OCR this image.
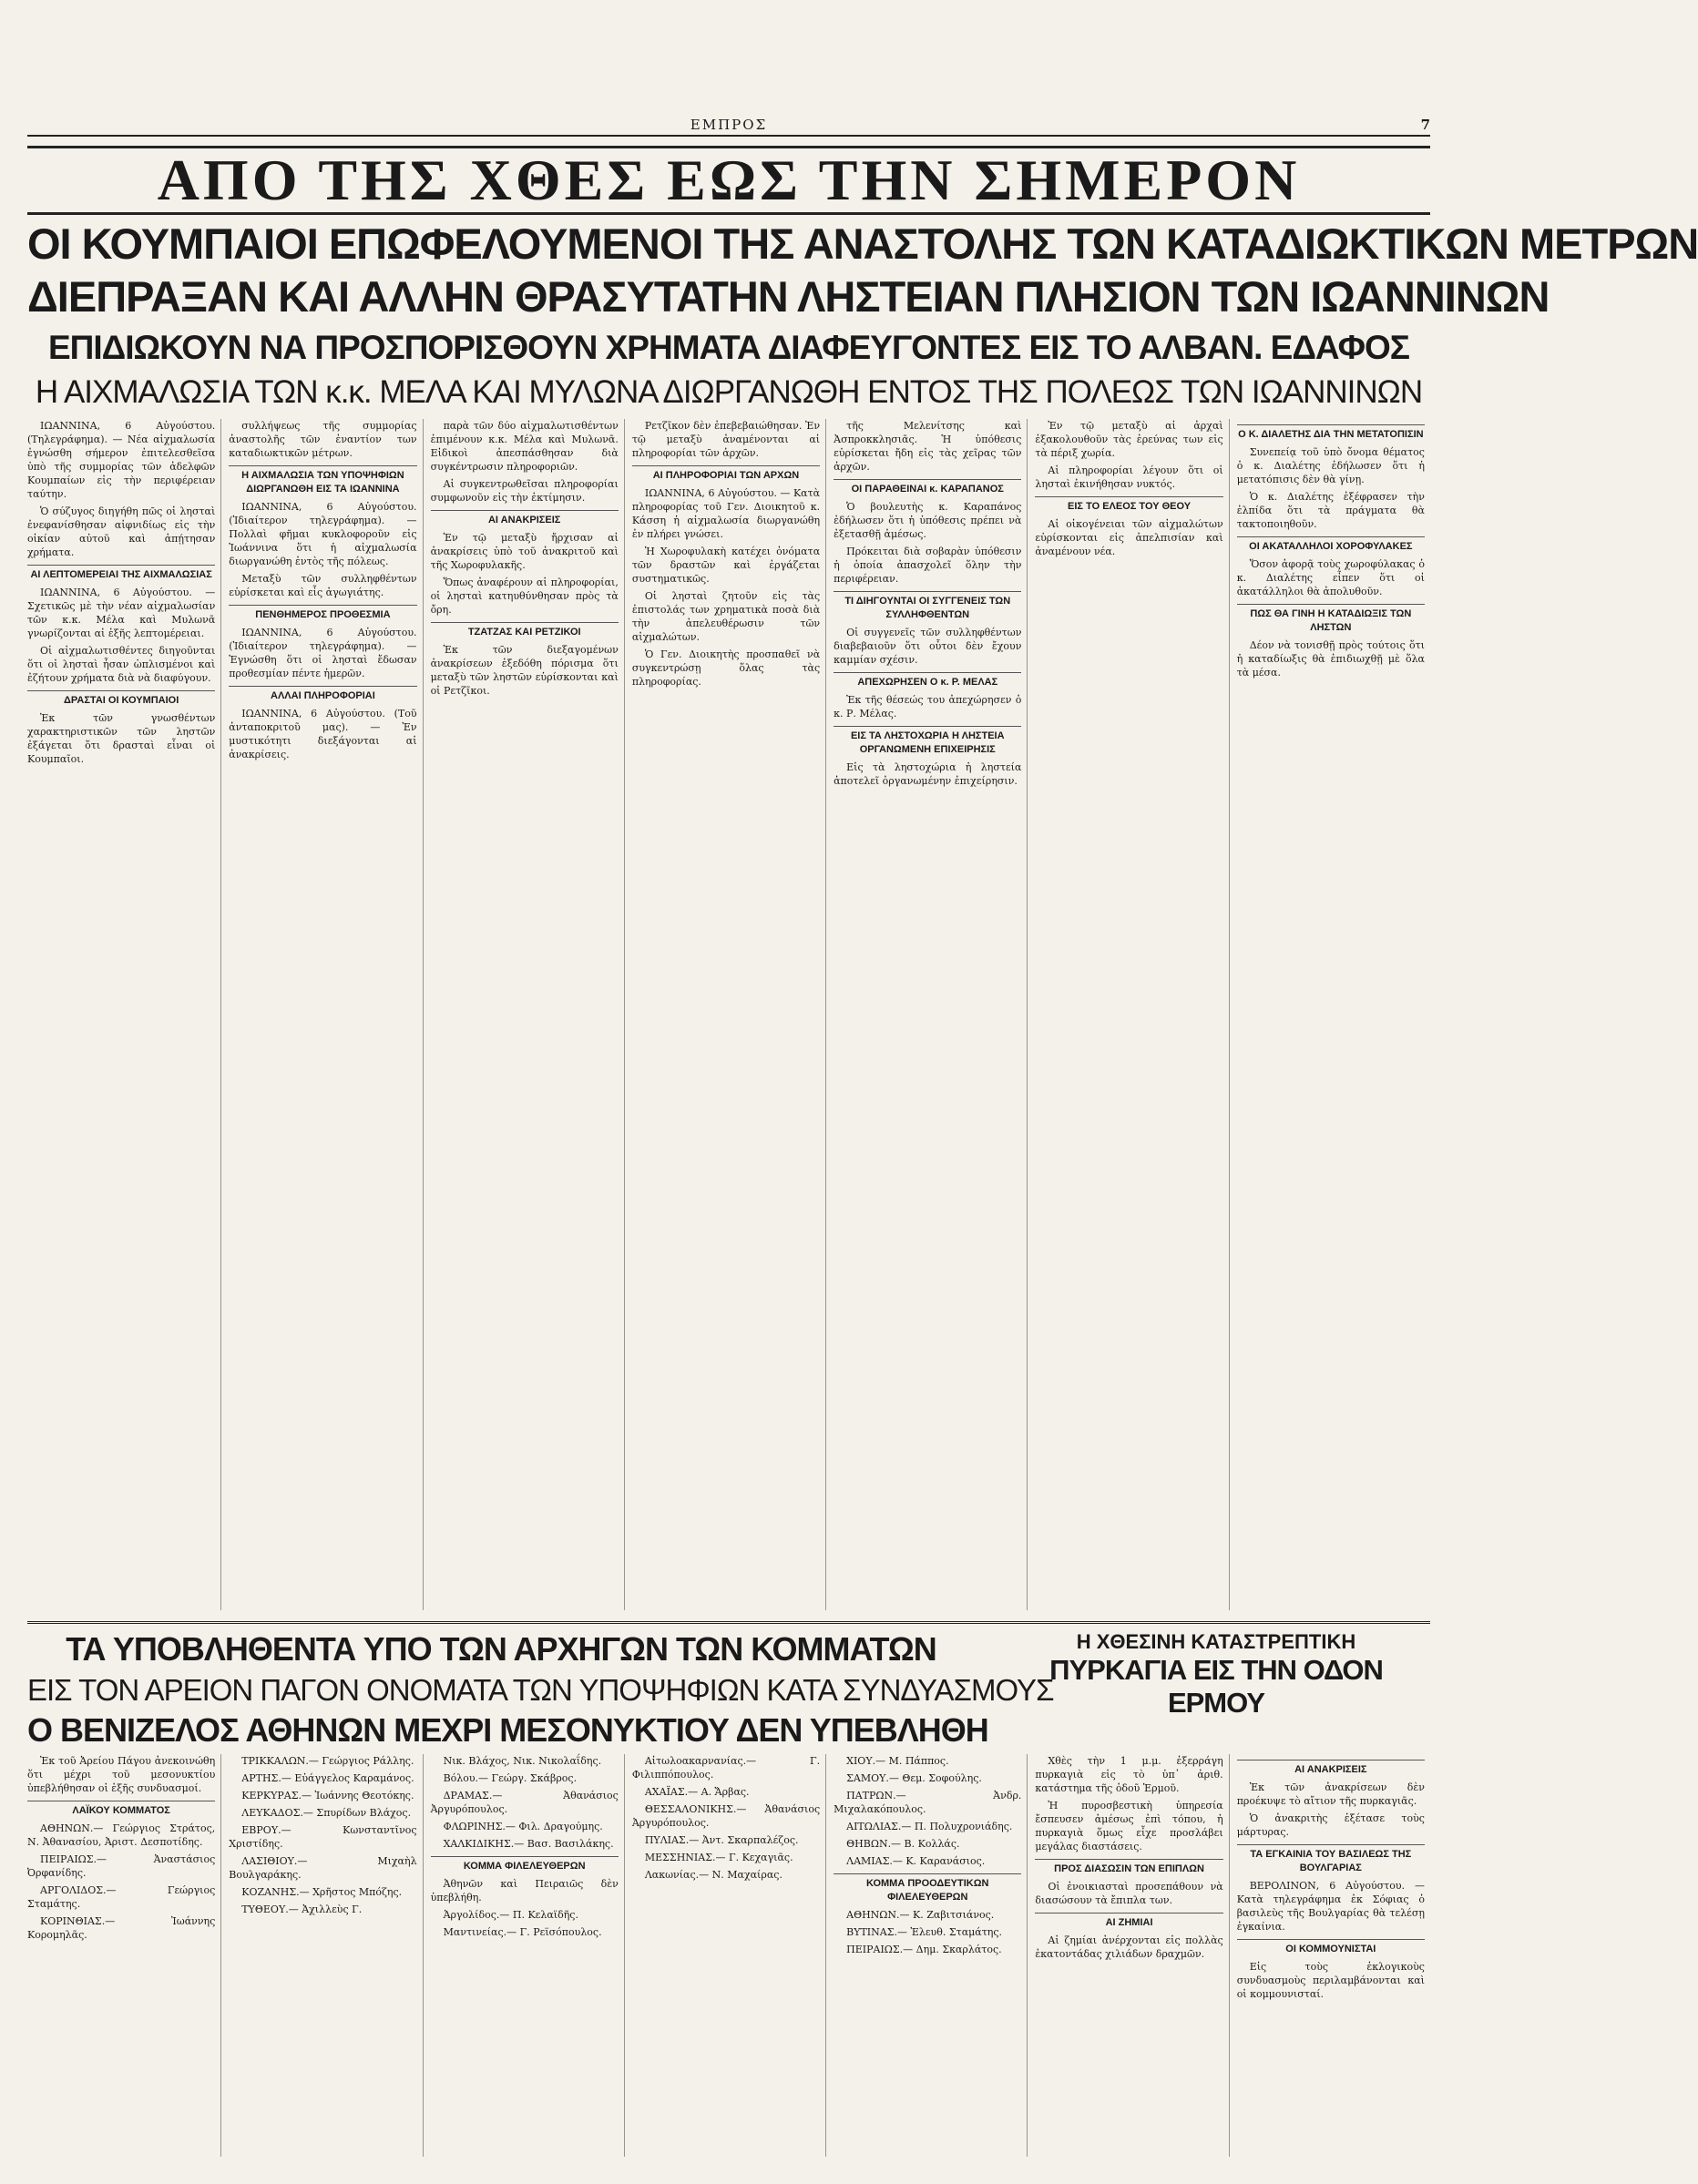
ΕΜΠΡΟΣ	7
ΑΠΟ ΤΗΣ ΧΘΕΣ ΕΩΣ ΤΗΝ ΣΗΜΕΡΟΝ
ΟΙ ΚΟΥΜΠΑΙΟΙ ΕΠΩΦΕΛΟΥΜΕΝΟΙ ΤΗΣ ΑΝΑΣΤΟΛΗΣ ΤΩΝ ΚΑΤΑΔΙΩΚΤΙΚΩΝ ΜΕΤΡΩΝ
ΔΙΕΠΡΑΞΑΝ ΚΑΙ ΑΛΛΗΝ ΘΡΑΣΥΤΑΤΗΝ ΛΗΣΤΕΙΑΝ ΠΛΗΣΙΟΝ ΤΩΝ ΙΩΑΝΝΙΝΩΝ
ΕΠΙΔΙΩΚΟΥΝ ΝΑ ΠΡΟΣΠΟΡΙΣΘΟΥΝ ΧΡΗΜΑΤΑ ΔΙΑΦΕΥΓΟΝΤΕΣ ΕΙΣ ΤΟ ΑΛΒΑΝ. ΕΔΑΦΟΣ
Η ΑΙΧΜΑΛΩΣΙΑ ΤΩΝ κ.κ. ΜΕΛΑ ΚΑΙ ΜΥΛΩΝΑ ΔΙΩΡΓΑΝΩΘΗ ΕΝΤΟΣ ΤΗΣ ΠΟΛΕΩΣ ΤΩΝ ΙΩΑΝΝΙΝΩΝ

ΙΩΑΝΝΙΝΑ, 6 Αὐγούστου. (Τηλεγράφημα). — Νέα αἰχμαλωσία ἐγνώσθη σήμερον ἐπιτελεσθεῖσα ὑπὸ τῆς συμμορίας τῶν ἀδελφῶν Κουμπαίων εἰς τὴν περιφέρειαν ταύτην.

Ὁ σύζυγος διηγήθη πῶς οἱ λησταὶ ἐνεφανίσθησαν αἰφνιδίως εἰς τὴν οἰκίαν αὐτοῦ καὶ ἀπῄτησαν χρήματα.

ΑΙ ΛΕΠΤΟΜΕΡΕΙΑΙ ΤΗΣ ΑΙΧΜΑΛΩΣΙΑΣ

ΙΩΑΝΝΙΝΑ, 6 Αὐγούστου. — Σχετικῶς μὲ τὴν νέαν αἰχμαλωσίαν τῶν κ.κ. Μέλα καὶ Μυλωνᾶ γνωρίζονται αἱ ἑξῆς λεπτομέρειαι.

Οἱ αἰχμαλωτισθέντες διηγοῦνται ὅτι οἱ λησταὶ ἦσαν ὡπλισμένοι καὶ ἐζήτουν χρήματα διὰ νὰ διαφύγουν.

ΔΡΑΣΤΑΙ ΟΙ ΚΟΥΜΠΑΙΟΙ

Ἐκ τῶν γνωσθέντων χαρακτηριστικῶν τῶν ληστῶν ἐξάγεται ὅτι δρασταὶ εἶναι οἱ Κουμπαῖοι.

συλλήψεως τῆς συμμορίας ἀναστολῆς τῶν ἐναντίον των καταδιωκτικῶν μέτρων.

Η ΑΙΧΜΑΛΩΣΙΑ ΤΩΝ ΥΠΟΨΗΦΙΩΝ ΔΙΩΡΓΑΝΩΘΗ ΕΙΣ ΤΑ ΙΩΑΝΝΙΝΑ

ΙΩΑΝΝΙΝΑ, 6 Αὐγούστου. (Ἰδιαίτερον τηλεγράφημα). — Πολλαὶ φῆμαι κυκλοφοροῦν εἰς Ἰωάννινα ὅτι ἡ αἰχμαλωσία διωργανώθη ἐντὸς τῆς πόλεως.

Μεταξὺ τῶν συλληφθέντων εὑρίσκεται καὶ εἷς ἀγωγιάτης.

ΠΕΝΘΗΜΕΡΟΣ ΠΡΟΘΕΣΜΙΑ

ΙΩΑΝΝΙΝΑ, 6 Αὐγούστου. (Ἰδιαίτερον τηλεγράφημα). — Ἐγνώσθη ὅτι οἱ λησταὶ ἔδωσαν προθεσμίαν πέντε ἡμερῶν.

ΑΛΛΑΙ ΠΛΗΡΟΦΟΡΙΑΙ

ΙΩΑΝΝΙΝΑ, 6 Αὐγούστου. (Τοῦ ἀνταποκριτοῦ μας). — Ἐν μυστικότητι διεξάγονται αἱ ἀνακρίσεις.

παρὰ τῶν δύο αἰχμαλωτισθέντων ἐπιμένουν κ.κ. Μέλα καὶ Μυλωνᾶ. Εἰδικοὶ ἀπεσπάσθησαν διὰ συγκέντρωσιν πληροφοριῶν.

Αἱ συγκεντρωθεῖσαι πληροφορίαι συμφωνοῦν εἰς τὴν ἐκτίμησιν.

ΑΙ ΑΝΑΚΡΙΣΕΙΣ

Ἐν τῷ μεταξὺ ἤρχισαν αἱ ἀνακρίσεις ὑπὸ τοῦ ἀνακριτοῦ καὶ τῆς Χωροφυλακῆς.

Ὅπως ἀναφέρουν αἱ πληροφορίαι, οἱ λησταὶ κατηυθύνθησαν πρὸς τὰ ὄρη.

ΤΖΑΤΖΑΣ ΚΑΙ ΡΕΤΖΙΚΟΙ

Ἐκ τῶν διεξαγομένων ἀνακρίσεων ἐξεδόθη πόρισμα ὅτι μεταξὺ τῶν ληστῶν εὑρίσκονται καὶ οἱ Ρετζῖκοι.

Ρετζῖκον δὲν ἐπεβεβαιώθησαν. Ἐν τῷ μεταξὺ ἀναμένονται αἱ πληροφορίαι τῶν ἀρχῶν.

ΑΙ ΠΛΗΡΟΦΟΡΙΑΙ ΤΩΝ ΑΡΧΩΝ

ΙΩΑΝΝΙΝΑ, 6 Αὐγούστου. — Κατὰ πληροφορίας τοῦ Γεν. Διοικητοῦ κ. Κάσση ἡ αἰχμαλωσία διωργανώθη ἐν πλήρει γνώσει.

Ἡ Χωροφυλακὴ κατέχει ὀνόματα τῶν δραστῶν καὶ ἐργάζεται συστηματικῶς.

Οἱ λησταὶ ζητοῦν εἰς τὰς ἐπιστολάς των χρηματικὰ ποσὰ διὰ τὴν ἀπελευθέρωσιν τῶν αἰχμαλώτων.

Ὁ Γεν. Διοικητὴς προσπαθεῖ νὰ συγκεντρώσῃ ὅλας τὰς πληροφορίας.

τῆς Μελενίτσης καὶ Ἀσπροκκλησιᾶς. Ἡ ὑπόθεσις εὑρίσκεται ἤδη εἰς τὰς χεῖρας τῶν ἀρχῶν.

ΟΙ ΠΑΡΑΘΕΙΝΑΙ κ. ΚΑΡΑΠΑΝΟΣ

Ὁ βουλευτὴς κ. Καραπάνος ἐδήλωσεν ὅτι ἡ ὑπόθεσις πρέπει νὰ ἐξετασθῇ ἀμέσως.

Πρόκειται διὰ σοβαρὰν ὑπόθεσιν ἡ ὁποία ἀπασχολεῖ ὅλην τὴν περιφέρειαν.

ΤΙ ΔΙΗΓΟΥΝΤΑΙ ΟΙ ΣΥΓΓΕΝΕΙΣ ΤΩΝ ΣΥΛΛΗΦΘΕΝΤΩΝ

Οἱ συγγενεῖς τῶν συλληφθέντων διαβεβαιοῦν ὅτι οὗτοι δὲν ἔχουν καμμίαν σχέσιν.

ΑΠΕΧΩΡΗΣΕΝ Ο κ. Ρ. ΜΕΛΑΣ

Ἐκ τῆς θέσεώς του ἀπεχώρησεν ὁ κ. Ρ. Μέλας.

ΕΙΣ ΤΑ ΛΗΣΤΟΧΩΡΙΑ Η ΛΗΣΤΕΙΑ ΟΡΓΑΝΩΜΕΝΗ ΕΠΙΧΕΙΡΗΣΙΣ

Εἰς τὰ ληστοχώρια ἡ ληστεία ἀποτελεῖ ὀργανωμένην ἐπιχείρησιν.

Ἐν τῷ μεταξὺ αἱ ἀρχαὶ ἐξακολουθοῦν τὰς ἐρεύνας των εἰς τὰ πέριξ χωρία.

Αἱ πληροφορίαι λέγουν ὅτι οἱ λησταὶ ἐκινήθησαν νυκτός.

ΕΙΣ ΤΟ ΕΛΕΟΣ ΤΟΥ ΘΕΟΥ

Αἱ οἰκογένειαι τῶν αἰχμαλώτων εὑρίσκονται εἰς ἀπελπισίαν καὶ ἀναμένουν νέα.

Ο Κ. ΔΙΑΛΕΤΗΣ ΔΙΑ ΤΗΝ ΜΕΤΑΤΟΠΙΣΙΝ

Συνεπείᾳ τοῦ ὑπὸ ὄνομα θέματος ὁ κ. Διαλέτης ἐδήλωσεν ὅτι ἡ μετατόπισις δὲν θὰ γίνῃ.

Ὁ κ. Διαλέτης ἐξέφρασεν τὴν ἐλπίδα ὅτι τὰ πράγματα θὰ τακτοποιηθοῦν.

ΟΙ ΑΚΑΤΑΛΛΗΛΟΙ ΧΟΡΟΦΥΛΑΚΕΣ

Ὅσον ἀφορᾷ τοὺς χωροφύλακας ὁ κ. Διαλέτης εἶπεν ὅτι οἱ ἀκατάλληλοι θὰ ἀπολυθοῦν.

ΠΩΣ ΘΑ ΓΙΝΗ Η ΚΑΤΑΔΙΩΞΙΣ ΤΩΝ ΛΗΣΤΩΝ

Δέον νὰ τονισθῇ πρὸς τούτοις ὅτι ἡ καταδίωξις θὰ ἐπιδιωχθῇ μὲ ὅλα τὰ μέσα.

ΤΑ ΥΠΟΒΛΗΘΕΝΤΑ ΥΠΟ ΤΩΝ ΑΡΧΗΓΩΝ ΤΩΝ ΚΟΜΜΑΤΩΝ
ΕΙΣ ΤΟΝ ΑΡΕΙΟΝ ΠΑΓΟΝ ΟΝΟΜΑΤΑ ΤΩΝ ΥΠΟΨΗΦΙΩΝ ΚΑΤΑ ΣΥΝΔΥΑΣΜΟΥΣ
Ο ΒΕΝΙΖΕΛΟΣ ΑΘΗΝΩΝ ΜΕΧΡΙ ΜΕΣΟΝΥΚΤΙΟΥ ΔΕΝ ΥΠΕΒΛΗΘΗ
Η ΧΘΕΣΙΝΗ ΚΑΤΑΣΤΡΕΠΤΙΚΗ
ΠΥΡΚΑΓΙΑ ΕΙΣ ΤΗΝ ΟΔΟΝ ΕΡΜΟΥ

Ἐκ τοῦ Ἀρείου Πάγου ἀνεκοινώθη ὅτι μέχρι τοῦ μεσονυκτίου ὑπεβλήθησαν οἱ ἑξῆς συνδυασμοί.

ΛΑΪΚΟΥ ΚΟΜΜΑΤΟΣ

ΑΘΗΝΩΝ.— Γεώργιος Στράτος, Ν. Ἀθανασίου, Ἀριστ. Δεσποτίδης.

ΠΕΙΡΑΙΩΣ.— Ἀναστάσιος Ὀρφανίδης.

ΑΡΓΟΛΙΔΟΣ.— Γεώργιος Σταμάτης.

ΚΟΡΙΝΘΙΑΣ.— Ἰωάννης Κορομηλᾶς.

ΤΡΙΚΚΑΛΩΝ.— Γεώργιος Ράλλης.

ΑΡΤΗΣ.— Εὐάγγελος Καραμάνος.

ΚΕΡΚΥΡΑΣ.— Ἰωάννης Θεοτόκης.

ΛΕΥΚΑΔΟΣ.— Σπυρίδων Βλάχος.

ΕΒΡΟΥ.— Κωνσταντῖνος Χριστίδης.

ΛΑΣΙΘΙΟΥ.— Μιχαὴλ Βουλγαράκης.

ΚΟΖΑΝΗΣ.— Χρῆστος Μπόζης.

ΤΥΘΕΟΥ.— Ἀχιλλεὺς Γ.

Νικ. Βλάχος, Νικ. Νικολαΐδης.

Βόλου.— Γεώργ. Σκάβρος.

ΔΡΑΜΑΣ.— Ἀθανάσιος Ἀργυρόπουλος.

ΦΛΩΡΙΝΗΣ.— Φιλ. Δραγούμης.

ΧΑΛΚΙΔΙΚΗΣ.— Βασ. Βασιλάκης.

ΚΟΜΜΑ ΦΙΛΕΛΕΥΘΕΡΩΝ

Ἀθηνῶν καὶ Πειραιῶς δὲν ὑπεβλήθη.

Ἀργολίδος.— Π. Κελαϊδῆς.

Μαντινείας.— Γ. Ρεϊσόπουλος.

Αἰτωλοακαρνανίας.— Γ. Φιλιππόπουλος.

ΑΧΑΪΑΣ.— Α. Ἄρβας.

ΘΕΣΣΑΛΟΝΙΚΗΣ.— Ἀθανάσιος Ἀργυρόπουλος.

ΠΥΛΙΑΣ.— Ἀντ. Σκαρπαλέζος.

ΜΕΣΣΗΝΙΑΣ.— Γ. Κεχαγιᾶς.

Λακωνίας.— Ν. Μαχαίρας.

ΧΙΟΥ.— Μ. Πάππος.

ΣΑΜΟΥ.— Θεμ. Σοφούλης.

ΠΑΤΡΩΝ.— Ἀνδρ. Μιχαλακόπουλος.

ΑΙΤΩΛΙΑΣ.— Π. Πολυχρονιάδης.

ΘΗΒΩΝ.— Β. Κολλάς.

ΛΑΜΙΑΣ.— Κ. Καρανάσιος.

ΚΟΜΜΑ ΠΡΟΟΔΕΥΤΙΚΩΝ ΦΙΛΕΛΕΥΘΕΡΩΝ

ΑΘΗΝΩΝ.— Κ. Ζαβιτσιάνος.

ΒΥΤΙΝΑΣ.— Ἐλευθ. Σταμάτης.

ΠΕΙΡΑΙΩΣ.— Δημ. Σκαρλάτος.

Χθὲς τὴν 1 μ.μ. ἐξερράγη πυρκαγιὰ εἰς τὸ ὑπ᾽ ἀριθ. κατάστημα τῆς ὁδοῦ Ἑρμοῦ.

Ἡ πυροσβεστικὴ ὑπηρεσία ἔσπευσεν ἀμέσως ἐπὶ τόπου, ἡ πυρκαγιὰ ὅμως εἶχε προσλάβει μεγάλας διαστάσεις.

ΠΡΟΣ ΔΙΑΣΩΣΙΝ ΤΩΝ ΕΠΙΠΛΩΝ

Οἱ ἐνοικιασταὶ προσεπάθουν νὰ διασώσουν τὰ ἔπιπλα των.

ΑΙ ΖΗΜΙΑΙ

Αἱ ζημίαι ἀνέρχονται εἰς πολλὰς ἑκατοντάδας χιλιάδων δραχμῶν.

ΑΙ ΑΝΑΚΡΙΣΕΙΣ

Ἐκ τῶν ἀνακρίσεων δὲν προέκυψε τὸ αἴτιον τῆς πυρκαγιᾶς.

Ὁ ἀνακριτὴς ἐξέτασε τοὺς μάρτυρας.

ΤΑ ΕΓΚΑΙΝΙΑ ΤΟΥ ΒΑΣΙΛΕΩΣ ΤΗΣ ΒΟΥΛΓΑΡΙΑΣ

ΒΕΡΟΛΙΝΟΝ, 6 Αὐγούστου. — Κατὰ τηλεγράφημα ἐκ Σόφιας ὁ βασιλεὺς τῆς Βουλγαρίας θὰ τελέσῃ ἐγκαίνια.

ΟΙ ΚΟΜΜΟΥΝΙΣΤΑΙ

Εἰς τοὺς ἐκλογικοὺς συνδυασμοὺς περιλαμβάνονται καὶ οἱ κομμουνισταί.
